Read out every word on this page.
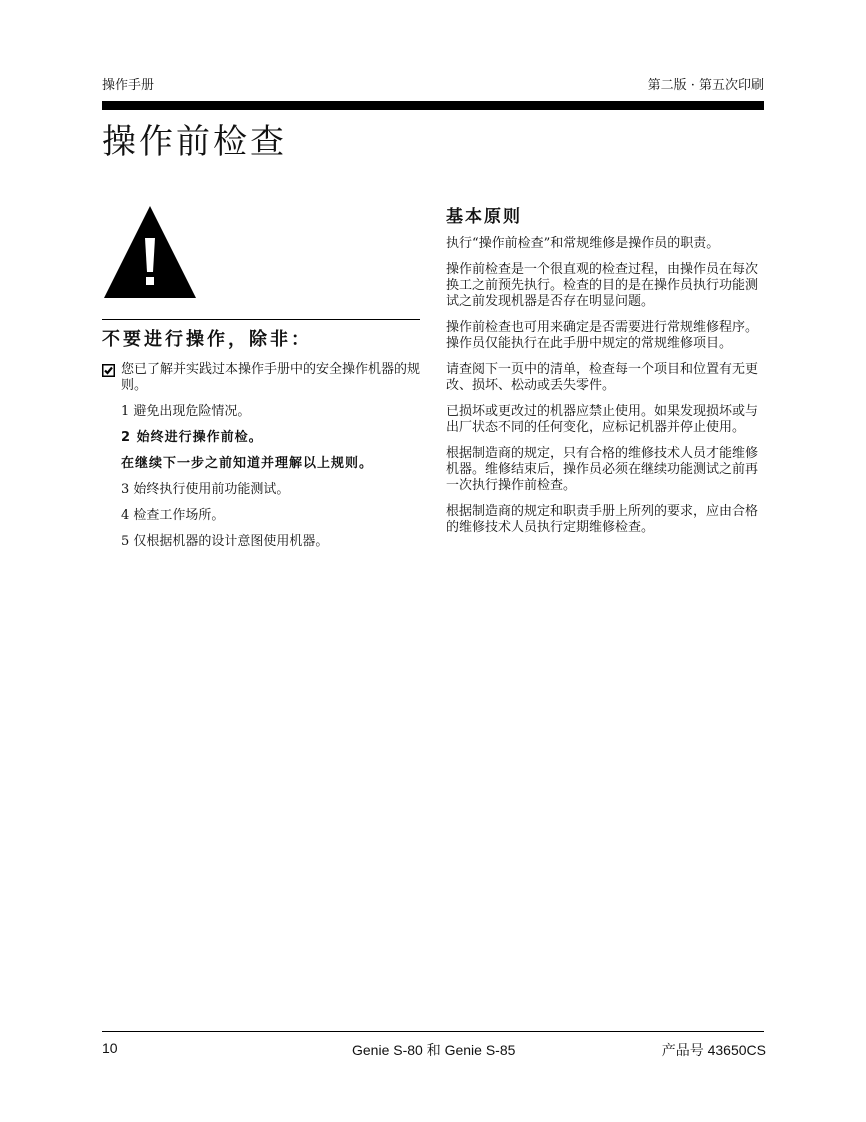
操作手册	第二版 · 第五次印刷
操作前检查
不要进行操作，除非：
您已了解并实践过本操作手册中的安全操作机器的规则。
1 避免出现危险情况。
2 始终进行操作前检。
在继续下一步之前知道并理解以上规则。
3 始终执行使用前功能测试。
4 检查工作场所。
5 仅根据机器的设计意图使用机器。
基本原则

执行“操作前检查”和常规维修是操作员的职责。

操作前检查是一个很直观的检查过程，由操作员在每次换工之前预先执行。检查的目的是在操作员执行功能测试之前发现机器是否存在明显问题。

操作前检查也可用来确定是否需要进行常规维修程序。操作员仅能执行在此手册中规定的常规维修项目。

请查阅下一页中的清单，检查每一个项目和位置有无更改、损坏、松动或丢失零件。

已损坏或更改过的机器应禁止使用。如果发现损坏或与出厂状态不同的任何变化，应标记机器并停止使用。

根据制造商的规定，只有合格的维修技术人员才能维修机器。维修结束后，操作员必须在继续功能测试之前再一次执行操作前检查。

根据制造商的规定和职责手册上所列的要求，应由合格的维修技术人员执行定期维修检查。

10	Genie S-80 和 Genie S-85	产品号 43650CS
